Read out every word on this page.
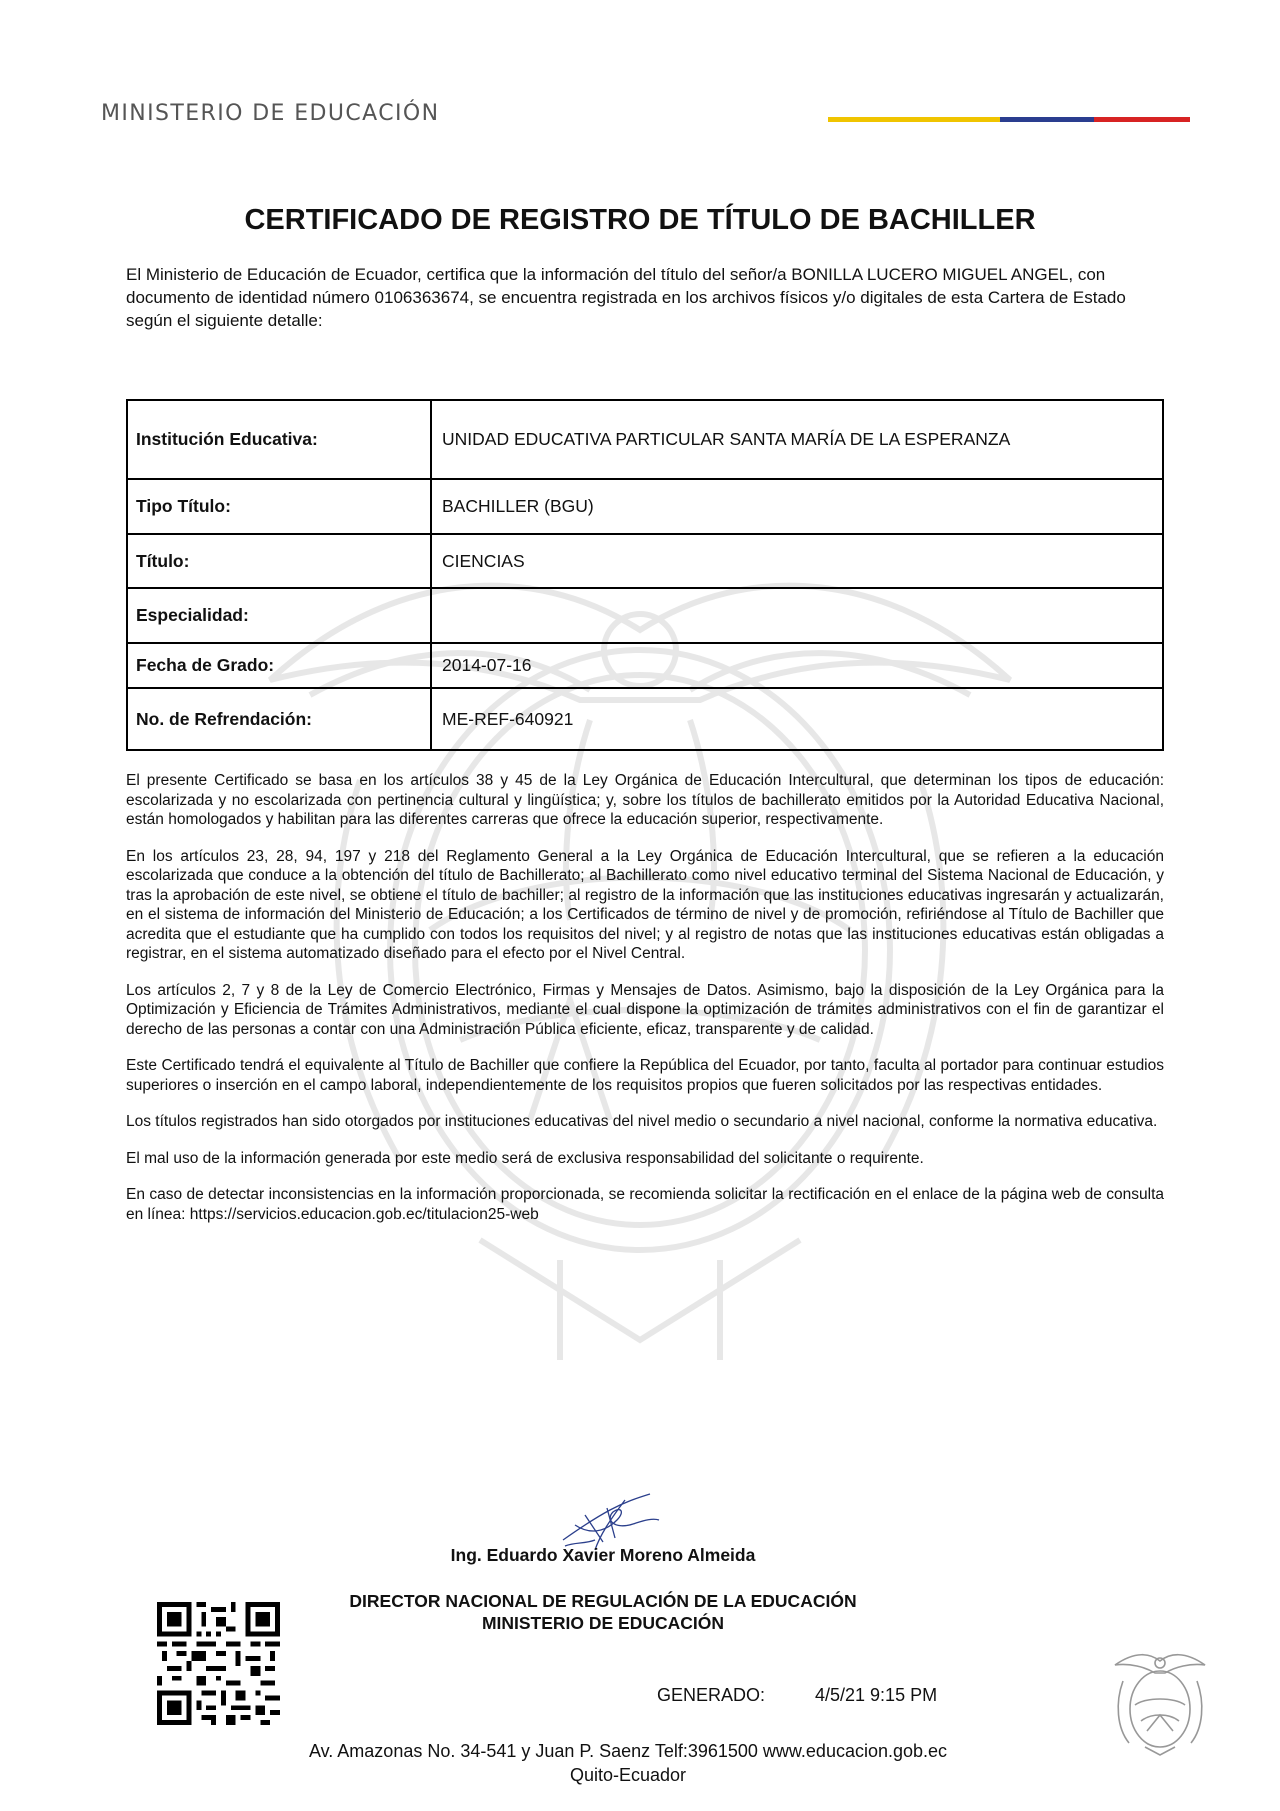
MINISTERIO DE EDUCACIÓN
CERTIFICADO DE REGISTRO DE TÍTULO DE BACHILLER
El Ministerio de Educación de Ecuador, certifica que la información del título del señor/a BONILLA LUCERO MIGUEL ANGEL, con documento de identidad número 0106363674, se encuentra registrada en los archivos físicos y/o digitales de esta Cartera de Estado según el siguiente detalle:
Institución Educativa:	UNIDAD EDUCATIVA PARTICULAR SANTA MARÍA DE LA ESPERANZA
Tipo Título:	BACHILLER (BGU)
Título:	CIENCIAS
Especialidad:	
Fecha de Grado:	2014-07-16
No. de Refrendación:	ME-REF-640921

El presente Certificado se basa en los artículos 38 y 45 de la Ley Orgánica de Educación Intercultural, que determinan los tipos de educación: escolarizada y no escolarizada con pertinencia cultural y lingüística; y, sobre los títulos de bachillerato emitidos por la Autoridad Educativa Nacional, están homologados y habilitan para las diferentes carreras que ofrece la educación superior, respectivamente.

En los artículos 23, 28, 94, 197 y 218 del Reglamento General a la Ley Orgánica de Educación Intercultural, que se refieren a la educación escolarizada que conduce a la obtención del título de Bachillerato; al Bachillerato como nivel educativo terminal del Sistema Nacional de Educación, y tras la aprobación de este nivel, se obtiene el título de bachiller; al registro de la información que las instituciones educativas ingresarán y actualizarán, en el sistema de información del Ministerio de Educación; a los Certificados de término de nivel y de promoción, refiriéndose al Título de Bachiller que acredita que el estudiante que ha cumplido con todos los requisitos del nivel; y al registro de notas que las instituciones educativas están obligadas a registrar, en el sistema automatizado diseñado para el efecto por el Nivel Central.

Los artículos 2, 7 y 8 de la Ley de Comercio Electrónico, Firmas y Mensajes de Datos. Asimismo, bajo la disposición de la Ley Orgánica para la Optimización y Eficiencia de Trámites Administrativos, mediante el cual dispone la optimización de trámites administrativos con el fin de garantizar el derecho de las personas a contar con una Administración Pública eficiente, eficaz, transparente y de calidad.

Este Certificado tendrá el equivalente al Título de Bachiller que confiere la República del Ecuador, por tanto, faculta al portador para continuar estudios superiores o inserción en el campo laboral, independientemente de los requisitos propios que fueren solicitados por las respectivas entidades.

Los títulos registrados han sido otorgados por instituciones educativas del nivel medio o secundario a nivel nacional, conforme la normativa educativa.

El mal uso de la información generada por este medio será de exclusiva responsabilidad del solicitante o requirente.

En caso de detectar inconsistencias en la información proporcionada, se recomienda solicitar la rectificación en el enlace de la página web de consulta en línea: https://servicios.educacion.gob.ec/titulacion25-web

Ing. Eduardo Xavier Moreno Almeida
DIRECTOR NACIONAL DE REGULACIÓN DE LA EDUCACIÓN
MINISTERIO DE EDUCACIÓN
GENERADO:	4/5/21 9:15 PM
Av. Amazonas No. 34-541 y Juan P. Saenz Telf:3961500 www.educacion.gob.ec
Quito-Ecuador
